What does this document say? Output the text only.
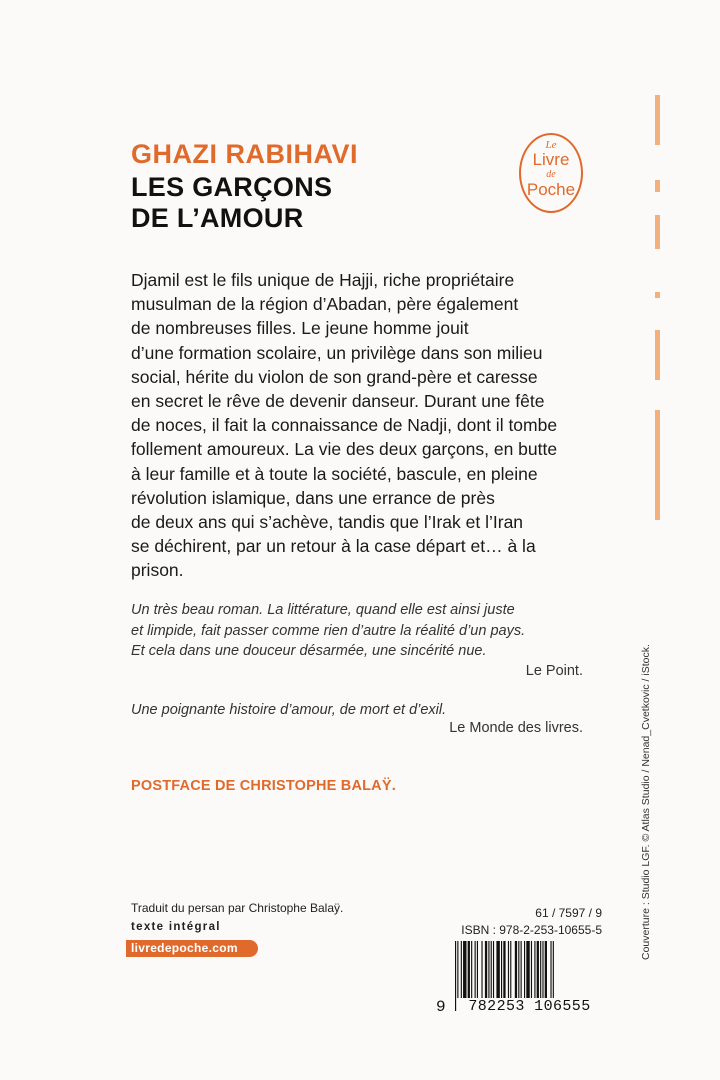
GHAZI RABIHAVI
LES GARÇONS
DE L’AMOUR
Le
Livre
de
Poche
Djamil est le fils unique de Hajji, riche propriétaire
musulman de la région d’Abadan, père également
de nombreuses filles. Le jeune homme jouit
d’une formation scolaire, un privilège dans son milieu
social, hérite du violon de son grand-père et caresse
en secret le rêve de devenir danseur. Durant une fête
de noces, il fait la connaissance de Nadji, dont il tombe
follement amoureux. La vie des deux garçons, en butte
à leur famille et à toute la société, bascule, en pleine
révolution islamique, dans une errance de près
de deux ans qui s’achève, tandis que l’Irak et l’Iran
se déchirent, par un retour à la case départ et… à la
prison.
Un très beau roman. La littérature, quand elle est ainsi juste
et limpide, fait passer comme rien d’autre la réalité d’un pays.
Et cela dans une douceur désarmée, une sincérité nue.
Le Point.
Une poignante histoire d’amour, de mort et d’exil.
Le Monde des livres.
POSTFACE DE CHRISTOPHE BALAŸ.
Traduit du persan par Christophe Balaÿ.
texte intégral
livredepoche.com
61 / 7597 / 9
ISBN : 978-2-253-10655-5
9	782253 106555
Couverture : Studio LGF. © Atlas Studio / Nenad_Cvetkovic / iStock.
